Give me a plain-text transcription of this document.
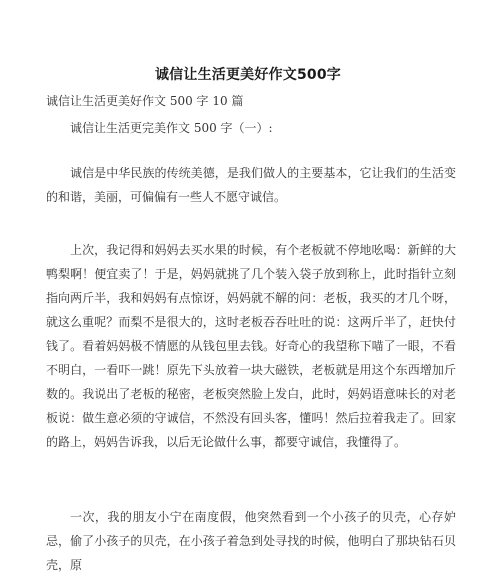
诚信让生活更美好作文500字
诚信让生活更美好作文 500 字 10 篇
诚信让生活更完美作文 500 字（一）:
诚信是中华民族的传统美德，是我们做人的主要基本，它让我们的生活变的和谐，美丽，可偏偏有一些人不愿守诚信。
上次，我记得和妈妈去买水果的时候，有个老板就不停地吆喝：新鲜的大鸭梨啊！便宜卖了！于是，妈妈就挑了几个装入袋子放到称上，此时指针立刻指向两斤半，我和妈妈有点惊讶，妈妈就不解的问：老板，我买的才几个呀，就这么重呢？而梨不是很大的，这时老板吞吞吐吐的说：这两斤半了，赶快付钱了。看着妈妈极不情愿的从钱包里去钱。好奇心的我望称下喵了一眼，不看不明白，一看吓一跳！原先下头放着一块大磁铁，老板就是用这个东西增加斤数的。我说出了老板的秘密，老板突然脸上发白，此时，妈妈语意味长的对老板说：做生意必须的守诚信，不然没有回头客，懂吗！然后拉着我走了。回家的路上，妈妈告诉我，以后无论做什么事，都要守诚信，我懂得了。
一次，我的朋友小宁在南度假，他突然看到一个小孩子的贝壳，心存妒忌，偷了小孩子的贝壳，在小孩子着急到处寻找的时候，他明白了那块钻石贝壳，原
